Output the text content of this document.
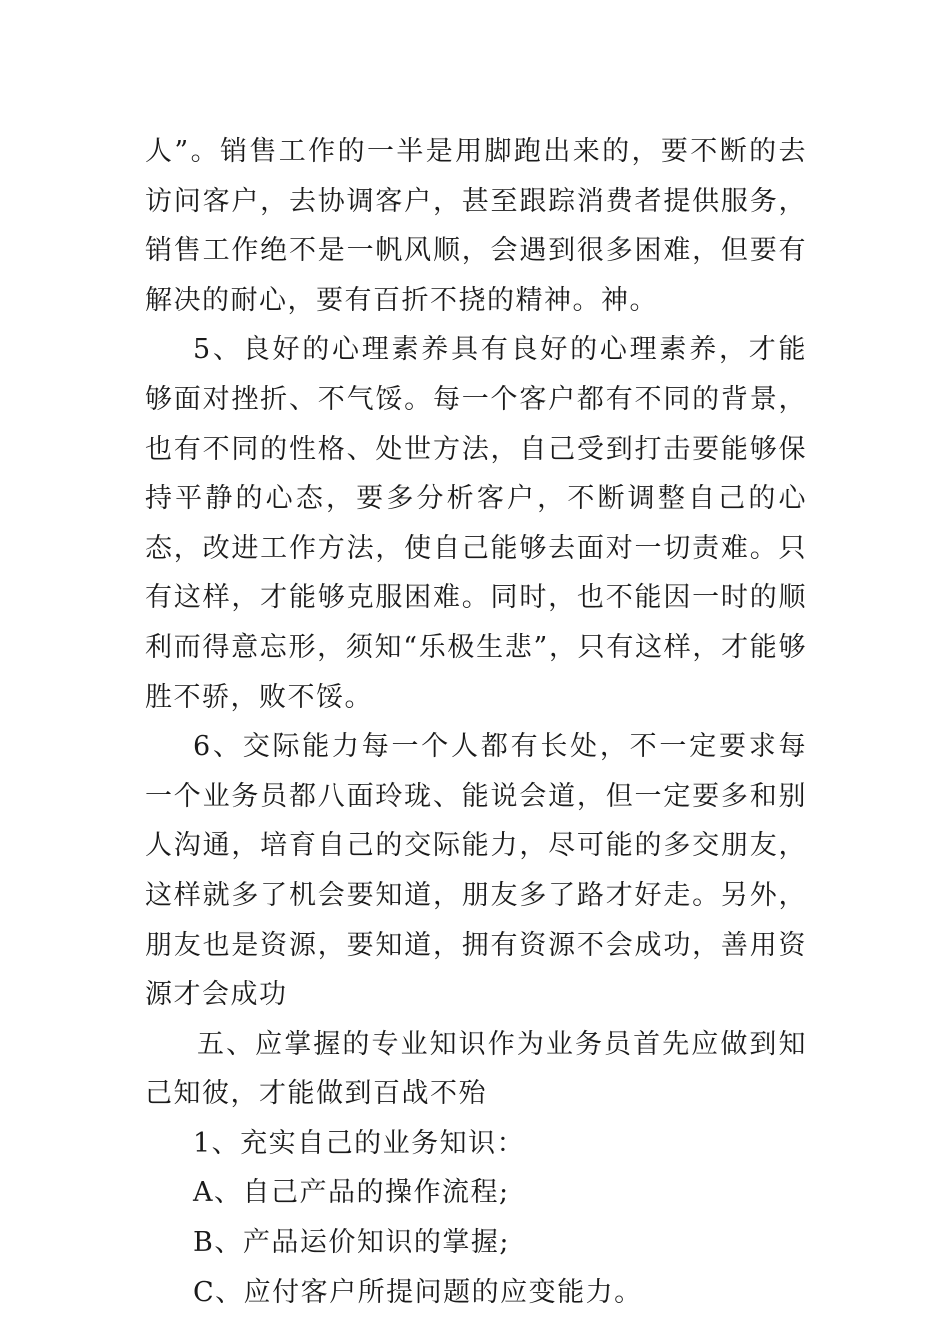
人”。销售工作的一半是用脚跑出来的，要不断的去访问客户，去协调客户，甚至跟踪消费者提供服务，销售工作绝不是一帆风顺，会遇到很多困难，但要有解决的耐心，要有百折不挠的精神。神。

5、良好的心理素养具有良好的心理素养，才能够面对挫折、不气馁。每一个客户都有不同的背景，也有不同的性格、处世方法，自己受到打击要能够保持平静的心态，要多分析客户，不断调整自己的心态，改进工作方法，使自己能够去面对一切责难。只有这样，才能够克服困难。同时，也不能因一时的顺利而得意忘形，须知“乐极生悲”，只有这样，才能够胜不骄，败不馁。

6、交际能力每一个人都有长处，不一定要求每一个业务员都八面玲珑、能说会道，但一定要多和别人沟通，培育自己的交际能力，尽可能的多交朋友，这样就多了机会要知道，朋友多了路才好走。另外，朋友也是资源，要知道，拥有资源不会成功，善用资源才会成功

五、应掌握的专业知识作为业务员首先应做到知己知彼，才能做到百战不殆

1、充实自己的业务知识：

A、自己产品的操作流程;

B、产品运价知识的掌握;

C、应付客户所提问题的应变能力。
